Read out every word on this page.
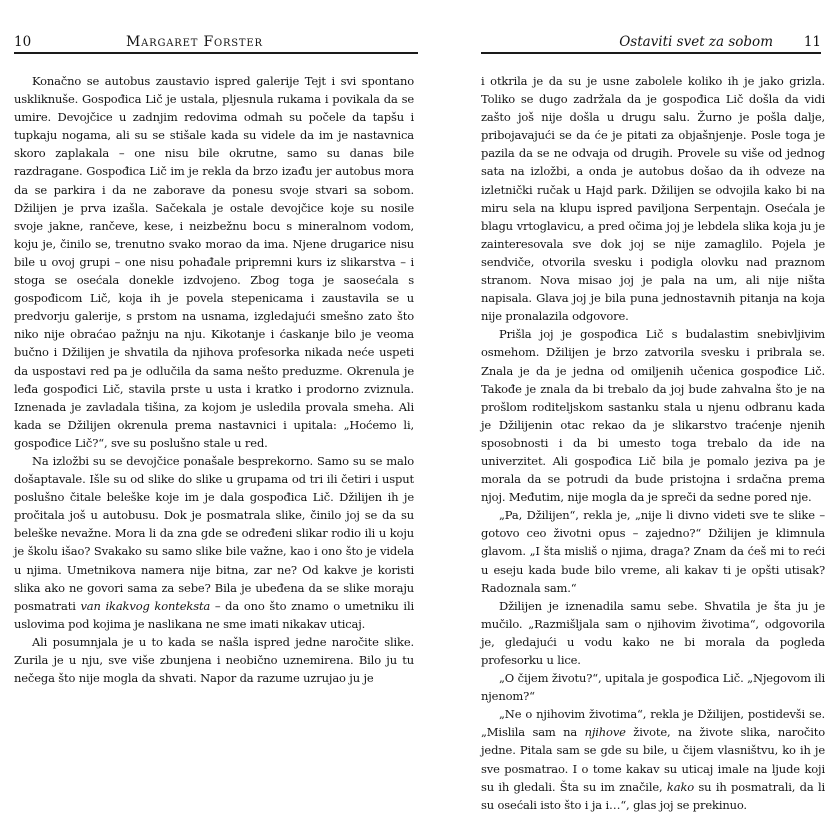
10	Margaret Forster

Konačno se autobus zaustavio ispred galerije Tejt i svi spontano uskliknuše. Gospođica Lič je ustala, pljesnula rukama i povikala da se umire. Devojčice u zadnjim redovima odmah su počele da tapšu i tupkaju nogama, ali su se stišale kada su videle da im je nastavnica skoro zaplakala – one nisu bile okrutne, samo su danas bile razdragane. Gospođica Lič im je rekla da brzo izađu jer autobus mora da se parkira i da ne zaborave da ponesu svoje stvari sa sobom. Džilijen je prva izašla. Sačekala je ostale devojčice koje su nosile svoje jakne, rančeve, kese, i neizbežnu bocu s mineralnom vodom, koju je, činilo se, trenutno svako morao da ima. Njene drugarice nisu bile u ovoj grupi – one nisu pohađale pripremni kurs iz slikarstva – i stoga se osećala donekle izdvojeno. Zbog toga je saosećala s gospođicom Lič, koja ih je povela stepenicama i zaustavila se u predvorju galerije, s prstom na usnama, izgledajući smešno zato što niko nije obraćao pažnju na nju. Kikotanje i ćaskanje bilo je veoma bučno i Džilijen je shvatila da njihova profesorka nikada neće uspeti da uspostavi red pa je odlučila da sama nešto preduzme. Okrenula je leđa gospođici Lič, stavila prste u usta i kratko i prodorno zviznula. Iznenada je zavladala tišina, za kojom je usledila provala smeha. Ali kada se Džilijen okrenula prema nastavnici i upitala: „Hoćemo li, gospođice Lič?“, sve su poslušno stale u red.

Na izložbi su se devojčice ponašale besprekorno. Samo su se malo došaptavale. Išle su od slike do slike u grupama od tri ili četiri i usput poslušno čitale beleške koje im je dala gospođica Lič. Džilijen ih je pročitala još u autobusu. Dok je posmatrala slike, činilo joj se da su beleške nevažne. Mora li da zna gde se određeni slikar rodio ili u koju je školu išao? Svakako su samo slike bile važne, kao i ono što je videla u njima. Umetnikova namera nije bitna, zar ne? Od kakve je koristi slika ako ne govori sama za sebe? Bila je ubeđena da se slike moraju posmatrati van ikakvog konteksta – da ono što znamo o umetniku ili uslovima pod kojima je naslikana ne sme imati nikakav uticaj.

Ali posumnjala je u to kada se našla ispred jedne naročite slike. Zurila je u nju, sve više zbunjena i neobično uznemirena. Bilo ju tu nečega što nije mogla da shvati. Napor da razume uzrujao ju je

Ostaviti svet za sobom 11

i otkrila je da su je usne zabolele koliko ih je jako grizla. Toliko se dugo zadržala da je gospođica Lič došla da vidi zašto još nije došla u drugu salu. Žurno je pošla dalje, pribojavajući se da će je pitati za objašnjenje. Posle toga je pazila da se ne odvaja od drugih. Provele su više od jednog sata na izložbi, a onda je autobus došao da ih odveze na izletnički ručak u Hajd park. Džilijen se odvojila kako bi na miru sela na klupu ispred paviljona Serpentajn. Osećala je blagu vrtoglavicu, a pred očima joj je lebdela slika koja ju je zainteresovala sve dok joj se nije zamaglilo. Pojela je sendviče, otvorila svesku i podigla olovku nad praznom stranom. Nova misao joj je pala na um, ali nije ništa napisala. Glava joj je bila puna jednostavnih pitanja na koja nije pronalazila odgovore.

Prišla joj je gospođica Lič s budalastim snebivljivim osmehom. Džilijen je brzo zatvorila svesku i pribrala se. Znala je da je jedna od omiljenih učenica gospođice Lič. Takođe je znala da bi trebalo da joj bude zahvalna što je na prošlom roditeljskom sastanku stala u njenu odbranu kada je Džilijenin otac rekao da je slikarstvo traćenje njenih sposobnosti i da bi umesto toga trebalo da ide na univerzitet. Ali gospođica Lič bila je pomalo jeziva pa je morala da se potrudi da bude pristojna i srdačna prema njoj. Međutim, nije mogla da je spreči da sedne pored nje.

„Pa, Džilijen“, rekla je, „nije li divno videti sve te slike – gotovo ceo životni opus – zajedno?“ Džilijen je klimnula glavom. „I šta misliš o njima, draga? Znam da ćeš mi to reći u eseju kada bude bilo vreme, ali kakav ti je opšti utisak? Radoznala sam.“

Džilijen je iznenadila samu sebe. Shvatila je šta ju je mučilo. „Razmišljala sam o njihovim životima“, odgovorila je, gledajući u vodu kako ne bi morala da pogleda profesorku u lice.

„O čijem životu?“, upitala je gospođica Lič. „Njegovom ili njenom?“

„Ne o njihovim životima“, rekla je Džilijen, postidevši se. „Mislila sam na njihove živote, na živote slika, naročito jedne. Pitala sam se gde su bile, u čijem vlasništvu, ko ih je sve posmatrao. I o tome kakav su uticaj imale na ljude koji su ih gledali. Šta su im značile, kako su ih posmatrali, da li su osećali isto što i ja i…“, glas joj se prekinuo.
